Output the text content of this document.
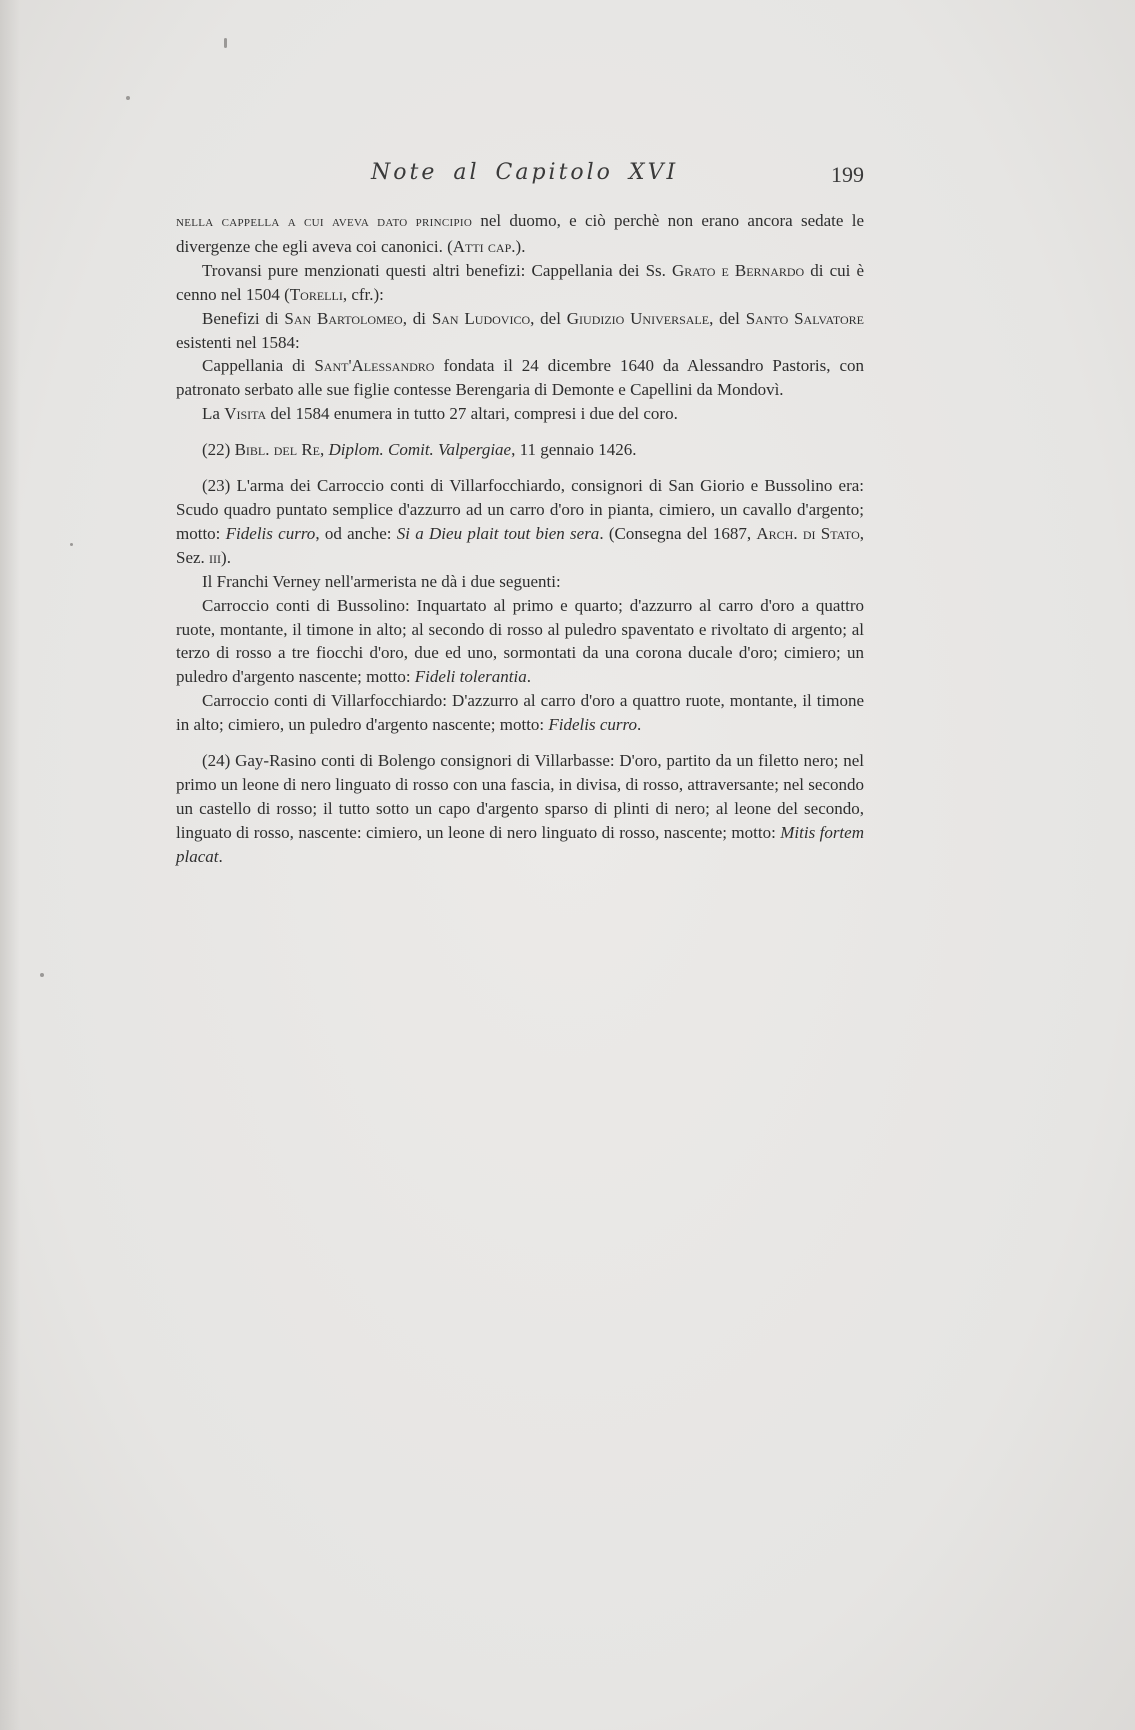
Note al Capitolo XVI	199

nella cappella a cui aveva dato principio nel duomo, e ciò perchè non erano ancora sedate le divergenze che egli aveva coi canonici. (Atti cap.).

Trovansi pure menzionati questi altri benefizi: Cappellania dei Ss. Grato e Bernardo di cui è cenno nel 1504 (Torelli, cfr.):

Benefizi di San Bartolomeo, di San Ludovico, del Giudizio Universale, del Santo Salvatore esistenti nel 1584:

Cappellania di Sant'Alessandro fondata il 24 dicembre 1640 da Alessandro Pastoris, con patronato serbato alle sue figlie contesse Berengaria di Demonte e Capellini da Mondovì.

La Visita del 1584 enumera in tutto 27 altari, compresi i due del coro.

(22) Bibl. del Re, Diplom. Comit. Valpergiae, 11 gennaio 1426.

(23) L'arma dei Carroccio conti di Villarfocchiardo, consignori di San Giorio e Bussolino era: Scudo quadro puntato semplice d'azzurro ad un carro d'oro in pianta, cimiero, un cavallo d'argento; motto: Fidelis curro, od anche: Si a Dieu plait tout bien sera. (Consegna del 1687, Arch. di Stato, Sez. iii).

Il Franchi Verney nell'armerista ne dà i due seguenti:

Carroccio conti di Bussolino: Inquartato al primo e quarto; d'azzurro al carro d'oro a quattro ruote, montante, il timone in alto; al secondo di rosso al puledro spaventato e rivoltato di argento; al terzo di rosso a tre fiocchi d'oro, due ed uno, sormontati da una corona ducale d'oro; cimiero; un puledro d'argento nascente; motto: Fideli tolerantia.

Carroccio conti di Villarfocchiardo: D'azzurro al carro d'oro a quattro ruote, montante, il timone in alto; cimiero, un puledro d'argento nascente; motto: Fidelis curro.

(24) Gay-Rasino conti di Bolengo consignori di Villarbasse: D'oro, partito da un filetto nero; nel primo un leone di nero linguato di rosso con una fascia, in divisa, di rosso, attraversante; nel secondo un castello di rosso; il tutto sotto un capo d'argento sparso di plinti di nero; al leone del secondo, linguato di rosso, nascente: cimiero, un leone di nero linguato di rosso, nascente; motto: Mitis fortem placat.
